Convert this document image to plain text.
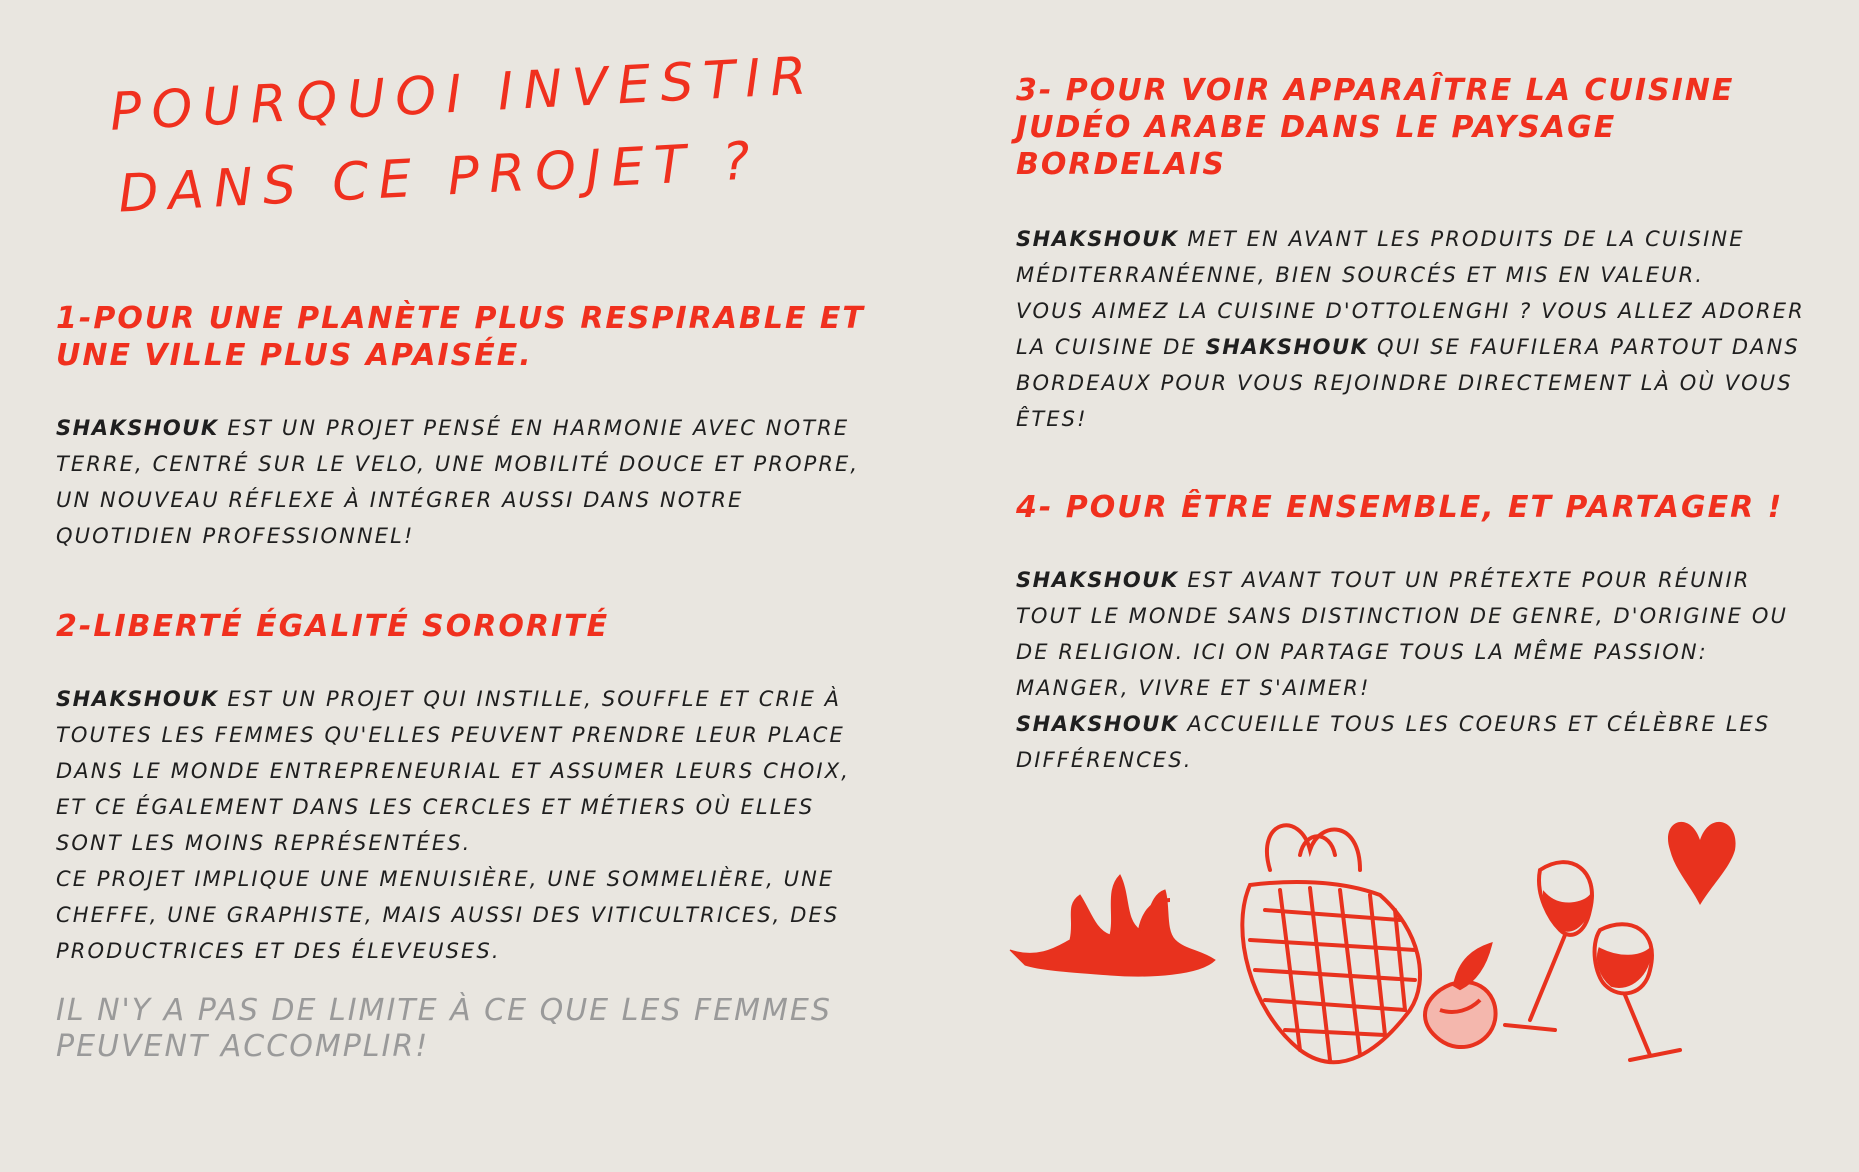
POURQUOI INVESTIR
DANS CE PROJET ?
1-POUR UNE PLANÈTE PLUS RESPIRABLE ET
UNE VILLE PLUS APAISÉE.

SHAKSHOUK EST UN PROJET PENSÉ EN HARMONIE AVEC NOTRE TERRE, CENTRÉ SUR LE VELO, UNE MOBILITÉ DOUCE ET PROPRE, UN NOUVEAU RÉFLEXE À INTÉGRER AUSSI DANS NOTRE QUOTIDIEN PROFESSIONNEL!

2-LIBERTÉ ÉGALITÉ SORORITÉ

SHAKSHOUK EST UN PROJET QUI INSTILLE, SOUFFLE ET CRIE À TOUTES LES FEMMES QU'ELLES PEUVENT PRENDRE LEUR PLACE DANS LE MONDE ENTREPRENEURIAL ET ASSUMER LEURS CHOIX, ET CE ÉGALEMENT DANS LES CERCLES ET MÉTIERS OÙ ELLES SONT LES MOINS REPRÉSENTÉES.

CE PROJET IMPLIQUE UNE MENUISIÈRE, UNE SOMMELIÈRE, UNE CHEFFE, UNE GRAPHISTE, MAIS AUSSI DES VITICULTRICES, DES PRODUCTRICES ET DES ÉLEVEUSES.

IL N'Y A PAS DE LIMITE À CE QUE LES FEMMES
PEUVENT ACCOMPLIR!
3- POUR VOIR APPARAÎTRE LA CUISINE
JUDÉO ARABE DANS LE PAYSAGE BORDELAIS

SHAKSHOUK MET EN AVANT LES PRODUITS DE LA CUISINE MÉDITERRANÉENNE, BIEN SOURCÉS ET MIS EN VALEUR.

VOUS AIMEZ LA CUISINE D'OTTOLENGHI ? VOUS ALLEZ ADORER LA CUISINE DE SHAKSHOUK QUI SE FAUFILERA PARTOUT DANS BORDEAUX POUR VOUS REJOINDRE DIRECTEMENT LÀ OÙ VOUS ÊTES!

4- POUR ÊTRE ENSEMBLE, ET PARTAGER !

SHAKSHOUK EST AVANT TOUT UN PRÉTEXTE POUR RÉUNIR TOUT LE MONDE SANS DISTINCTION DE GENRE, D'ORIGINE OU DE RELIGION. ICI ON PARTAGE TOUS LA MÊME PASSION: MANGER, VIVRE ET S'AIMER!

SHAKSHOUK ACCUEILLE TOUS LES COEURS ET CÉLÈBRE LES DIFFÉRENCES.
